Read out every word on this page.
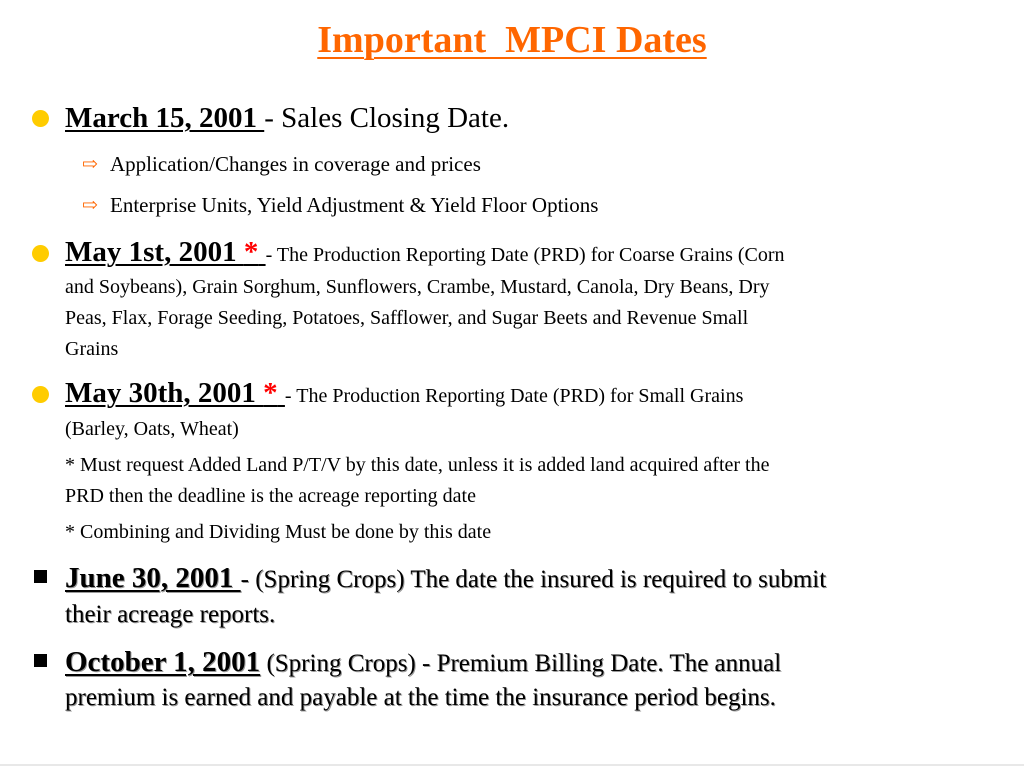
Important  MPCI Dates
March 15, 2001 - Sales Closing Date.
⇨ Application/Changes in coverage and prices
⇨ Enterprise Units, Yield Adjustment & Yield Floor Options
May 1st, 2001 * - The Production Reporting Date (PRD) for Coarse Grains (Corn
and Soybeans), Grain Sorghum, Sunflowers, Crambe, Mustard, Canola, Dry Beans, Dry
Peas, Flax, Forage Seeding, Potatoes, Safflower, and Sugar Beets and Revenue Small
Grains
May 30th, 2001 * - The Production Reporting Date (PRD) for Small Grains
(Barley, Oats, Wheat)
* Must request Added Land P/T/V by this date, unless it is added land acquired after the
PRD then the deadline is the acreage reporting date
* Combining and Dividing Must be done by this date
June 30, 2001 - (Spring Crops) The date the insured is required to submit
their acreage reports.
October 1, 2001 (Spring Crops) - Premium Billing Date. The annual
premium is earned and payable at the time the insurance period begins.
